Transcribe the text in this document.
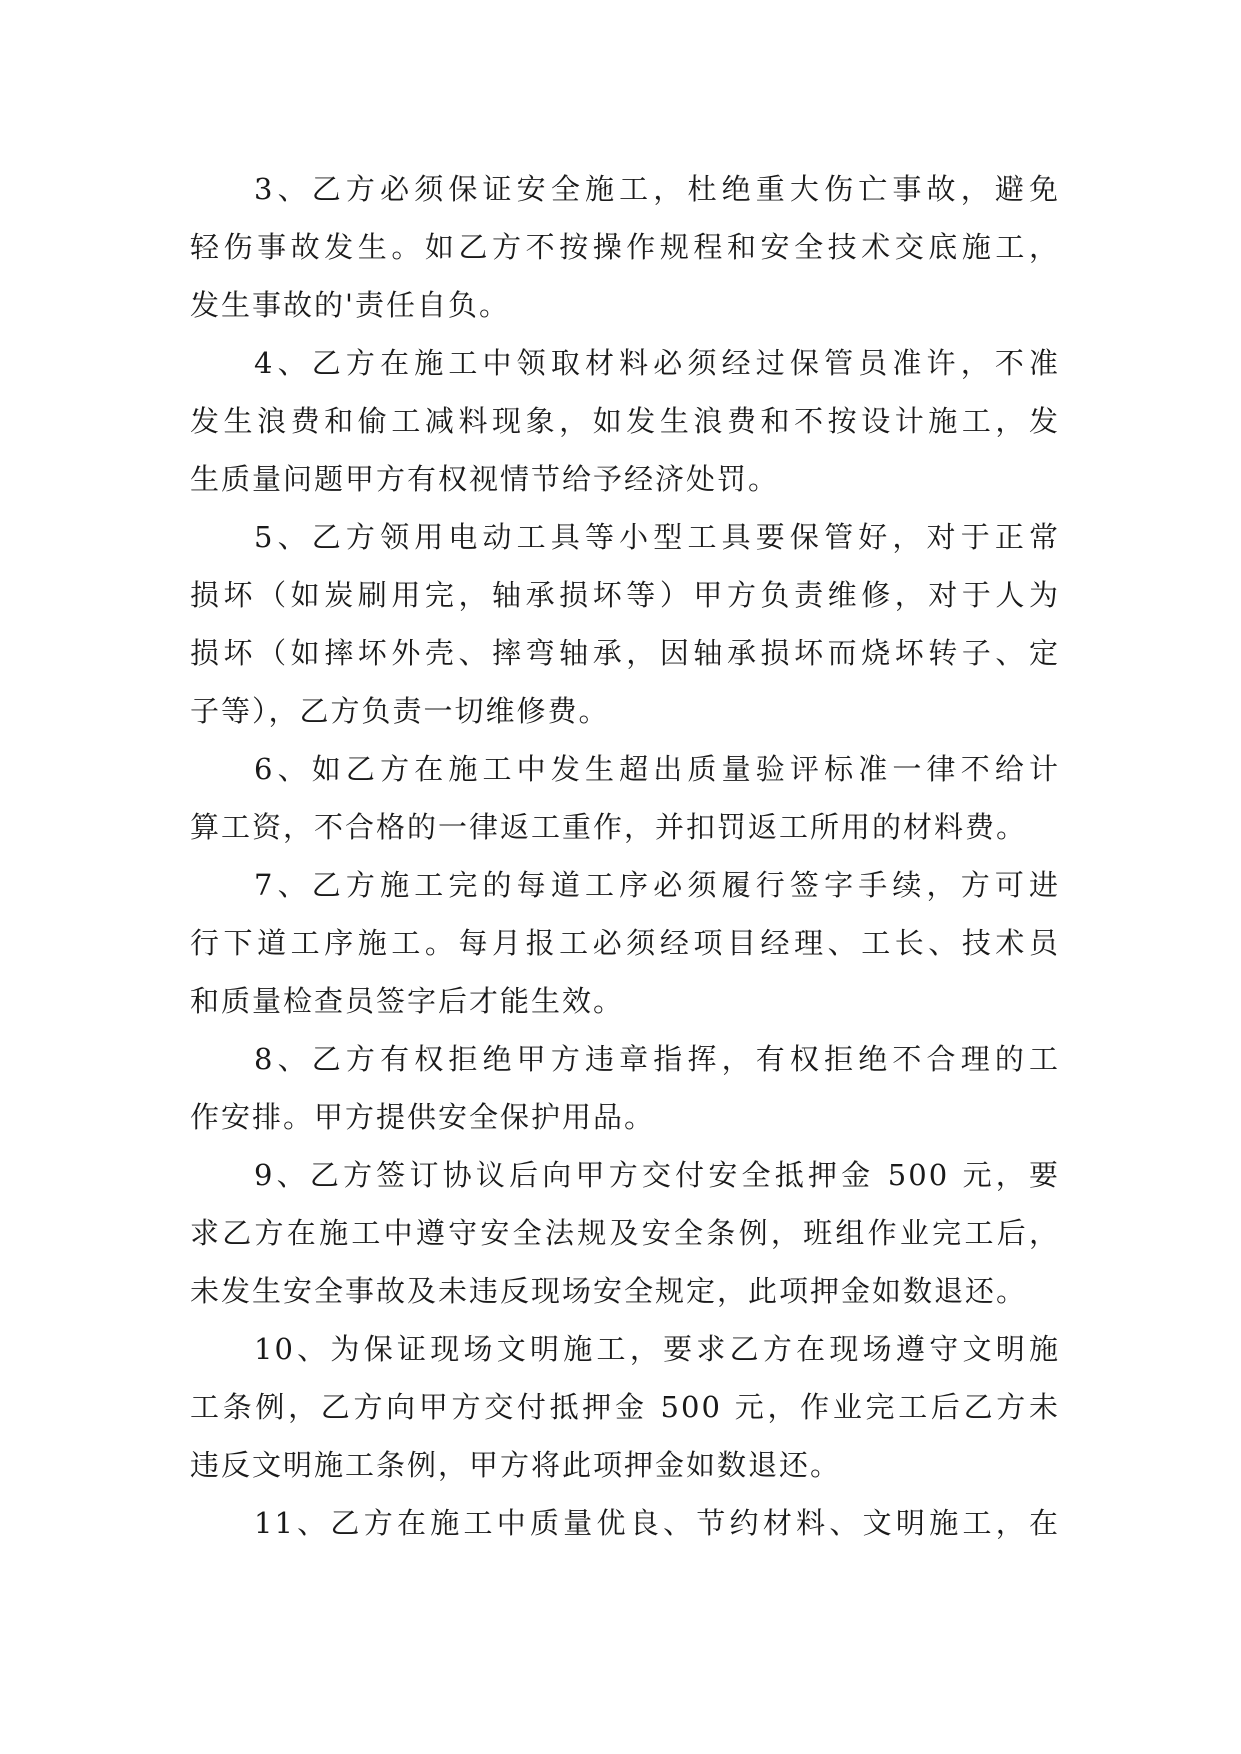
3、乙方必须保证安全施工，杜绝重大伤亡事故，避免
轻伤事故发生。如乙方不按操作规程和安全技术交底施工，
发生事故的'责任自负。
4、乙方在施工中领取材料必须经过保管员准许，不准
发生浪费和偷工减料现象，如发生浪费和不按设计施工，发
生质量问题甲方有权视情节给予经济处罚。
5、乙方领用电动工具等小型工具要保管好，对于正常
损坏（如炭刷用完，轴承损坏等）甲方负责维修，对于人为
损坏（如摔坏外壳、摔弯轴承，因轴承损坏而烧坏转子、定
子等），乙方负责一切维修费。
6、如乙方在施工中发生超出质量验评标准一律不给计
算工资，不合格的一律返工重作，并扣罚返工所用的材料费。
7、乙方施工完的每道工序必须履行签字手续，方可进
行下道工序施工。每月报工必须经项目经理、工长、技术员
和质量检查员签字后才能生效。
8、乙方有权拒绝甲方违章指挥，有权拒绝不合理的工
作安排。甲方提供安全保护用品。
9、乙方签订协议后向甲方交付安全抵押金 500 元，要
求乙方在施工中遵守安全法规及安全条例，班组作业完工后，
未发生安全事故及未违反现场安全规定，此项押金如数退还。
10、为保证现场文明施工，要求乙方在现场遵守文明施
工条例，乙方向甲方交付抵押金 500 元，作业完工后乙方未
违反文明施工条例，甲方将此项押金如数退还。
11、乙方在施工中质量优良、节约材料、文明施工，在
